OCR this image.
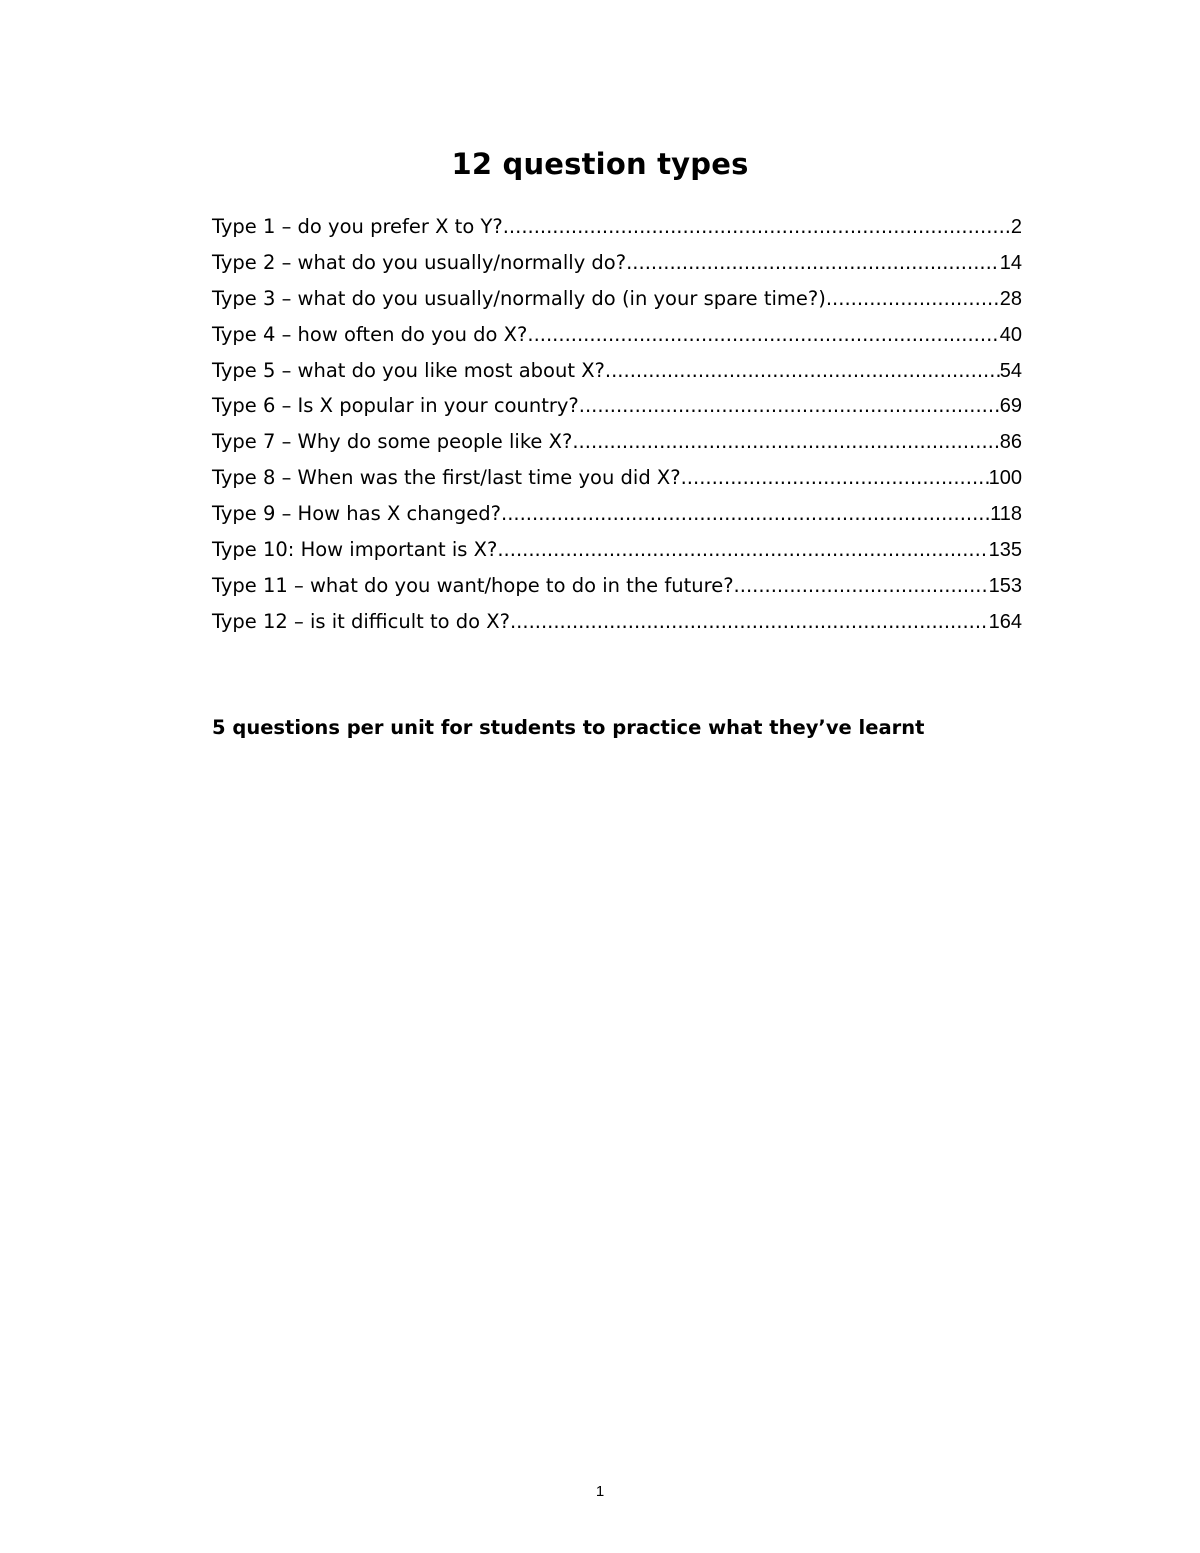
12 question types
Type 1 – do you prefer X to Y? .....	2
Type 2 – what do you usually/normally do? .....	14
Type 3 – what do you usually/normally do (in your spare time?) .....	28
Type 4 – how often do you do X? .....	40
Type 5 – what do you like most about X? .....	54
Type 6 – Is X popular in your country? .....	69
Type 7 – Why do some people like X? .....	86
Type 8 – When was the first/last time you did X? .....	100
Type 9 – How has X changed? .....	118
Type 10: How important is X? .....	135
Type 11 – what do you want/hope to do in the future? .....	153
Type 12 – is it difficult to do X? .....	164

5 questions per unit for students to practice what they’ve learnt

1
